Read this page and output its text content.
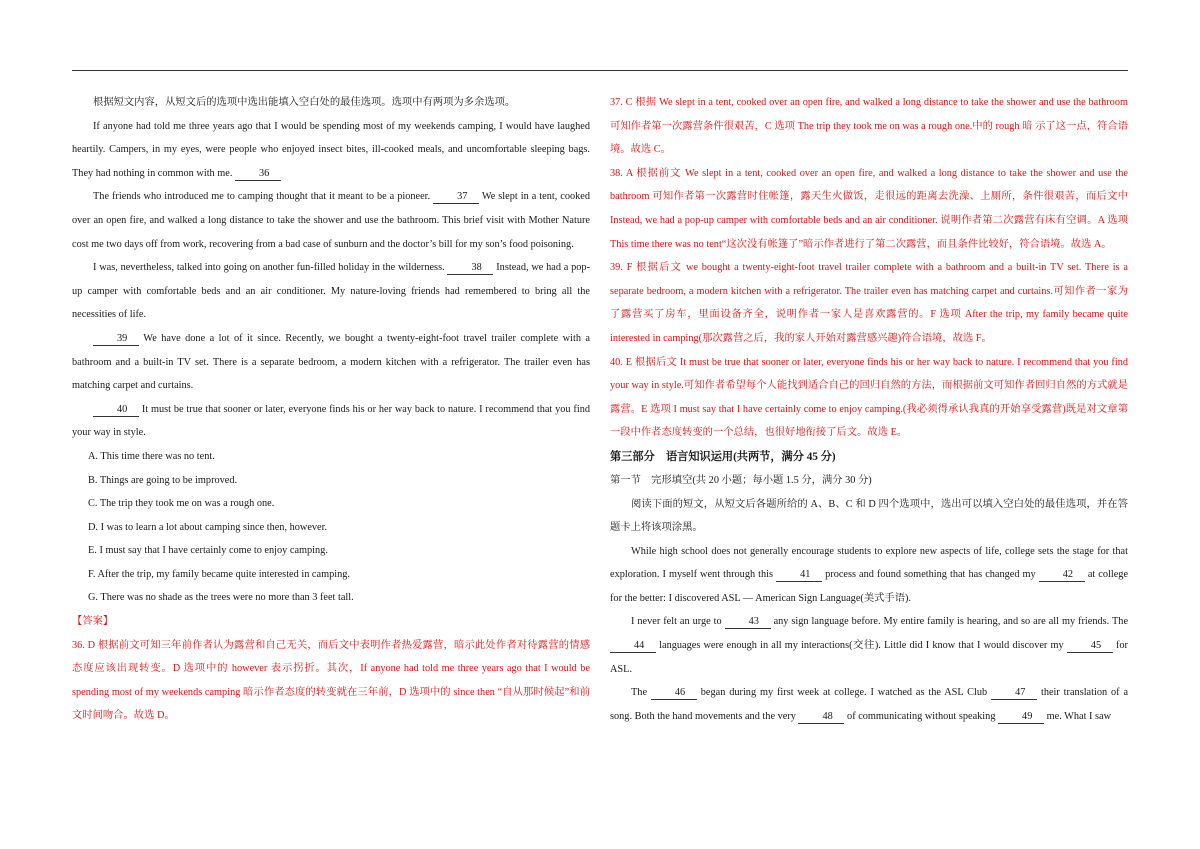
根据短文内容，从短文后的选项中选出能填入空白处的最佳选项。选项中有两项为多余选项。

If anyone had told me three years ago that I would be spending most of my weekends camping, I would have laughed heartily. Campers, in my eyes, were people who enjoyed insect bites, ill-cooked meals, and uncomfortable sleeping bags. They had nothing in common with me.	36

The friends who introduced me to camping thought that it meant to be a pioneer.	37 We slept in a tent, cooked over an open fire, and walked a long distance to take the shower and use the bathroom. This brief visit with Mother Nature cost me two days off from work, recovering from a bad case of sunburn and the doctor’s bill for my son’s food poisoning.

I was, nevertheless, talked into going on another fun-filled holiday in the wilderness.	38 Instead, we had a pop-up camper with comfortable beds and an air conditioner. My nature-loving friends had remembered to bring all the necessities of life.

39 We have done a lot of it since. Recently, we bought a twenty-eight-foot travel trailer complete with a bathroom and a built-in TV set. There is a separate bedroom, a modern kitchen with a refrigerator. The trailer even has matching carpet and curtains.

40 It must be true that sooner or later, everyone finds his or her way back to nature. I recommend that you find your way in style.

A. This time there was no tent.

B. Things are going to be improved.

C. The trip they took me on was a rough one.

D. I was to learn a lot about camping since then, however.

E. I must say that I have certainly come to enjoy camping.

F. After the trip, my family became quite interested in camping.

G. There was no shade as the trees were no more than 3 feet tall.

【答案】

36. D 根据前文可知三年前作者认为露营和自己无关，而后文中表明作者热爱露营，暗示此处作者对待露营的情感态度应该出现转变。D 选项中的 however 表示拐折。其次，If anyone had told me three years ago that I would be spending most of my weekends camping 暗示作者态度的转变就在三年前，D 选项中的 since then “自从那时候起”和前文时间吻合。故选 D。

37. C 根据 We slept in a tent, cooked over an open fire, and walked a long distance to take the shower and use the bathroom 可知作者第一次露营条件很艰苦，C 选项 The trip they took me on was a rough one.中的 rough 暗 示了这一点，符合语境。故选 C。

38. A 根据前文 We slept in a tent, cooked over an open fire, and walked a long distance to take the shower and use the bathroom 可知作者第一次露营时住帐篷，露天生火做饭，走很远的距离去洗澡、上厕所，条件很艰苦，而后文中 Instead, we had a pop-up camper with comfortable beds and an air conditioner. 说明作者第二次露营有床有空调。A 选项 This time there was no tent“这次没有帐篷了”暗示作者进行了第二次露营，而且条件比较好，符合语境。故选 A。

39. F 根据后文 we bought a twenty-eight-foot travel trailer complete with a bathroom and a built-in TV set. There is a separate bedroom, a modern kitchen with a refrigerator. The trailer even has matching carpet and curtains.可知作者一家为了露营买了房车，里面设备齐全，说明作者一家人是喜欢露营的。F 选项 After the trip, my family became quite interested in camping(那次露营之后，我的家人开始对露营感兴趣)符合语境，故选 F。

40. E 根据后文 It must be true that sooner or later, everyone finds his or her way back to nature. I recommend that you find your way in style.可知作者希望每个人能找到适合自己的回归自然的方法，而根据前文可知作者回归自然的方式就是露营。E 选项 I must say that I have certainly come to enjoy camping.(我必须得承认我真的开始享受露营)既是对文章第一段中作者态度转变的一个总结，也很好地衔接了后文。故选 E。

第三部分　语言知识运用(共两节，满分 45 分)

第一节　完形填空(共 20 小题；每小题 1.5 分，满分 30 分)

阅读下面的短文，从短文后各题所给的 A、B、C 和 D 四个选项中，选出可以填入空白处的最佳选项，并在答题卡上将该项涂黑。

While high school does not generally encourage students to explore new aspects of life, college sets the stage for that exploration. I myself went through this	41 process and found something that has changed my	42 at college for the better: I discovered ASL — American Sign Language(美式手语).

I never felt an urge to	43 any sign language before. My entire family is hearing, and so are all my friends. The 44 languages were enough in all my interactions(交往). Little did I know that I would discover my	45 for ASL.

The	46 began during my first week at college. I watched as the ASL Club	47 their translation of a song. Both the hand movements and the very	48 of communicating without speaking	49 me. What I saw
